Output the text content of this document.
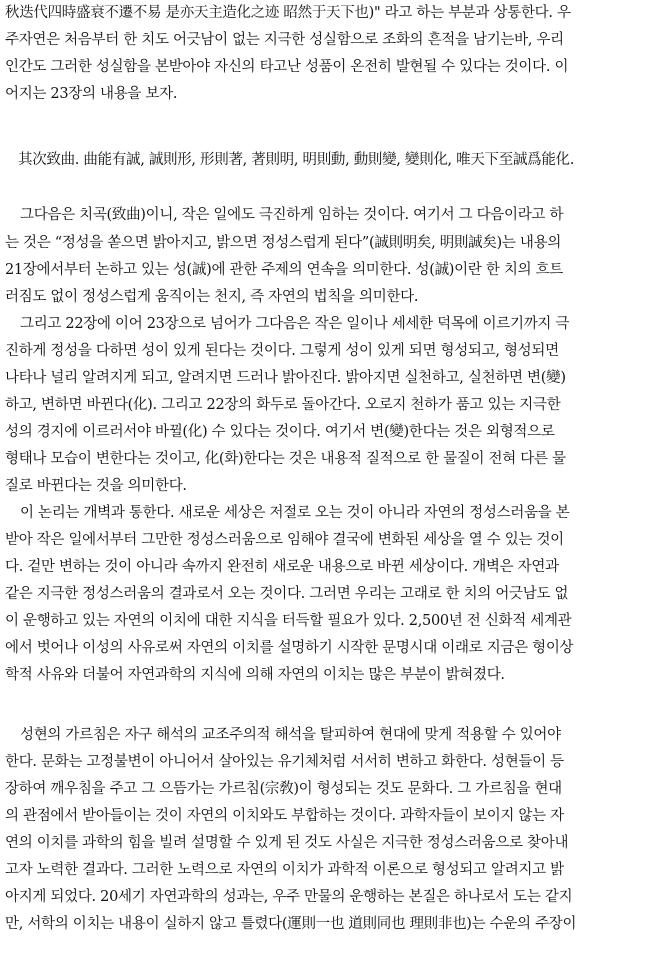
秋迭代四時盛衰不遷不易 是亦天主造化之迹 昭然于天下也)" 라고 하는 부분과 상통한다. 우
주자연은 처음부터 한 치도 어긋남이 없는 지극한 성실함으로 조화의 흔적을 남기는바, 우리
인간도 그러한 성실함을 본받아야 자신의 타고난 성품이 온전히 발현될 수 있다는 것이다. 이
어지는 23장의 내용을 보자.
其次致曲. 曲能有誠, 誠則形, 形則著, 著則明, 明則動, 動則變, 變則化, 唯天下至誠爲能化.
그다음은 치곡(致曲)이니, 작은 일에도 극진하게 임하는 것이다. 여기서 그 다음이라고 하
는 것은 “정성을 쏟으면 밝아지고, 밝으면 정성스럽게 된다”(誠則明矣, 明則誠矣)는 내용의
21장에서부터 논하고 있는 성(誠)에 관한 주제의 연속을 의미한다. 성(誠)이란 한 치의 흐트
러짐도 없이 정성스럽게 움직이는 천지, 즉 자연의 법칙을 의미한다.
그리고 22장에 이어 23장으로 넘어가 그다음은 작은 일이나 세세한 덕목에 이르기까지 극
진하게 정성을 다하면 성이 있게 된다는 것이다. 그렇게 성이 있게 되면 형성되고, 형성되면
나타나 널리 알려지게 되고, 알려지면 드러나 밝아진다. 밝아지면 실천하고, 실천하면 변(變)
하고, 변하면 바뀐다(化). 그리고 22장의 화두로 돌아간다. 오로지 천하가 품고 있는 지극한
성의 경지에 이르러서야 바뀔(化) 수 있다는 것이다. 여기서 변(變)한다는 것은 외형적으로
형태나 모습이 변한다는 것이고, 化(화)한다는 것은 내용적 질적으로 한 물질이 전혀 다른 물
질로 바뀐다는 것을 의미한다.
이 논리는 개벽과 통한다. 새로운 세상은 저절로 오는 것이 아니라 자연의 정성스러움을 본
받아 작은 일에서부터 그만한 정성스러움으로 임해야 결국에 변화된 세상을 열 수 있는 것이
다. 겉만 변하는 것이 아니라 속까지 완전히 새로운 내용으로 바뀐 세상이다. 개벽은 자연과
같은 지극한 정성스러움의 결과로서 오는 것이다. 그러면 우리는 고래로 한 치의 어긋남도 없
이 운행하고 있는 자연의 이치에 대한 지식을 터득할 필요가 있다. 2,500년 전 신화적 세계관
에서 벗어나 이성의 사유로써 자연의 이치를 설명하기 시작한 문명시대 이래로 지금은 형이상
학적 사유와 더불어 자연과학의 지식에 의해 자연의 이치는 많은 부분이 밝혀졌다.
성현의 가르침은 자구 해석의 교조주의적 해석을 탈피하여 현대에 맞게 적용할 수 있어야
한다. 문화는 고정불변이 아니어서 살아있는 유기체처럼 서서히 변하고 화한다. 성현들이 등
장하여 깨우침을 주고 그 으뜸가는 가르침(宗敎)이 형성되는 것도 문화다. 그 가르침을 현대
의 관점에서 받아들이는 것이 자연의 이치와도 부합하는 것이다. 과학자들이 보이지 않는 자
연의 이치를 과학의 힘을 빌려 설명할 수 있게 된 것도 사실은 지극한 정성스러움으로 찾아내
고자 노력한 결과다. 그러한 노력으로 자연의 이치가 과학적 이론으로 형성되고 알려지고 밝
아지게 되었다. 20세기 자연과학의 성과는, 우주 만물의 운행하는 본질은 하나로서 도는 같지
만, 서학의 이치는 내용이 실하지 않고 틀렸다(運則一也 道則同也 理則非也)는 수운의 주장이
